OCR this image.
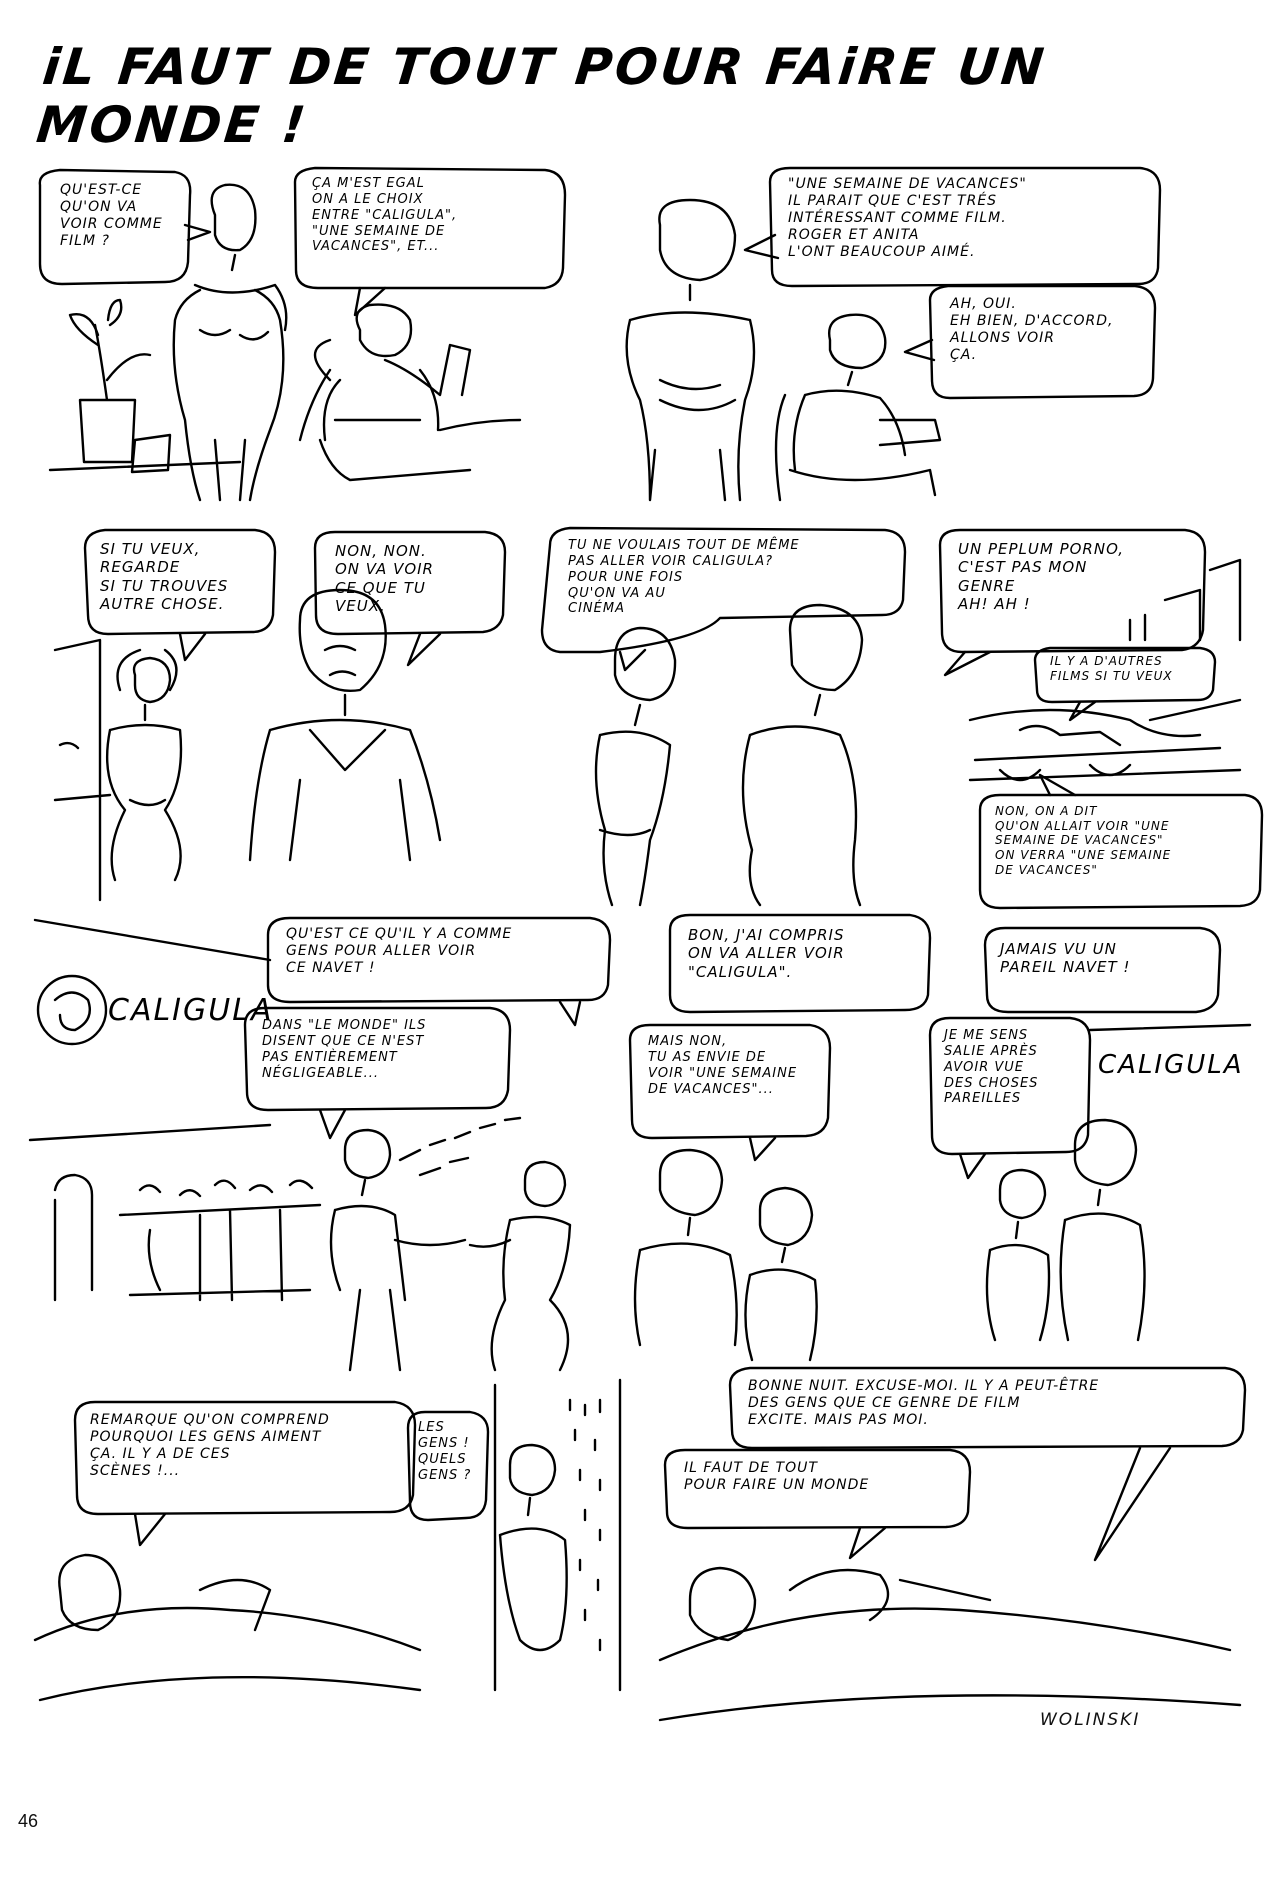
iL FAUT DE TOUT POUR FAiRE UN MONDE !
QU'EST-CE
QU'ON VA
VOIR COMME
FILM ?
ÇA M'EST EGAL
ON A LE CHOIX
ENTRE "CALIGULA",
"UNE SEMAINE DE
VACANCES", ET...
"UNE SEMAINE DE VACANCES"
IL PARAIT QUE C'EST TRÉS
INTÉRESSANT COMME FILM.
ROGER ET ANITA
L'ONT BEAUCOUP AIMÉ.
AH, OUI.
EH BIEN, D'ACCORD,
ALLONS VOIR
ÇA.
SI TU VEUX,
REGARDE
SI TU TROUVES
AUTRE CHOSE.
NON, NON.
ON VA VOIR
CE QUE TU
VEUX.
TU NE VOULAIS TOUT DE MÊME
PAS ALLER VOIR CALIGULA?
POUR UNE FOIS
QU'ON VA AU
CINÉMA
UN PEPLUM PORNO,
C'EST PAS MON
GENRE
AH! AH !
IL Y A D'AUTRES
FILMS SI TU VEUX
NON, ON A DIT
QU'ON ALLAIT VOIR "UNE
SEMAINE DE VACANCES"
ON VERRA "UNE SEMAINE
DE VACANCES"
CALIGULA
QU'EST CE QU'IL Y A COMME
GENS POUR ALLER VOIR
CE NAVET !
DANS "LE MONDE" ILS
DISENT QUE CE N'EST
PAS ENTIÈREMENT
NÉGLIGEABLE...
BON, J'AI COMPRIS
ON VA ALLER VOIR
"CALIGULA".
MAIS NON,
TU AS ENVIE DE
VOIR "UNE SEMAINE
DE VACANCES"...
JAMAIS VU UN
PAREIL NAVET !
JE ME SENS
SALIE APRÈS
AVOIR VUE
DES CHOSES
PAREILLES
CALIGULA
REMARQUE QU'ON COMPREND
POURQUOI LES GENS AIMENT
ÇA. IL Y A DE CES
SCÈNES !...
LES
GENS !
QUELS
GENS ?
BONNE NUIT. EXCUSE-MOI. IL Y A PEUT-ÊTRE
DES GENS QUE CE GENRE DE FILM
EXCITE. MAIS PAS MOI.
IL FAUT DE TOUT
POUR FAIRE UN MONDE
WOLINSKI
46
